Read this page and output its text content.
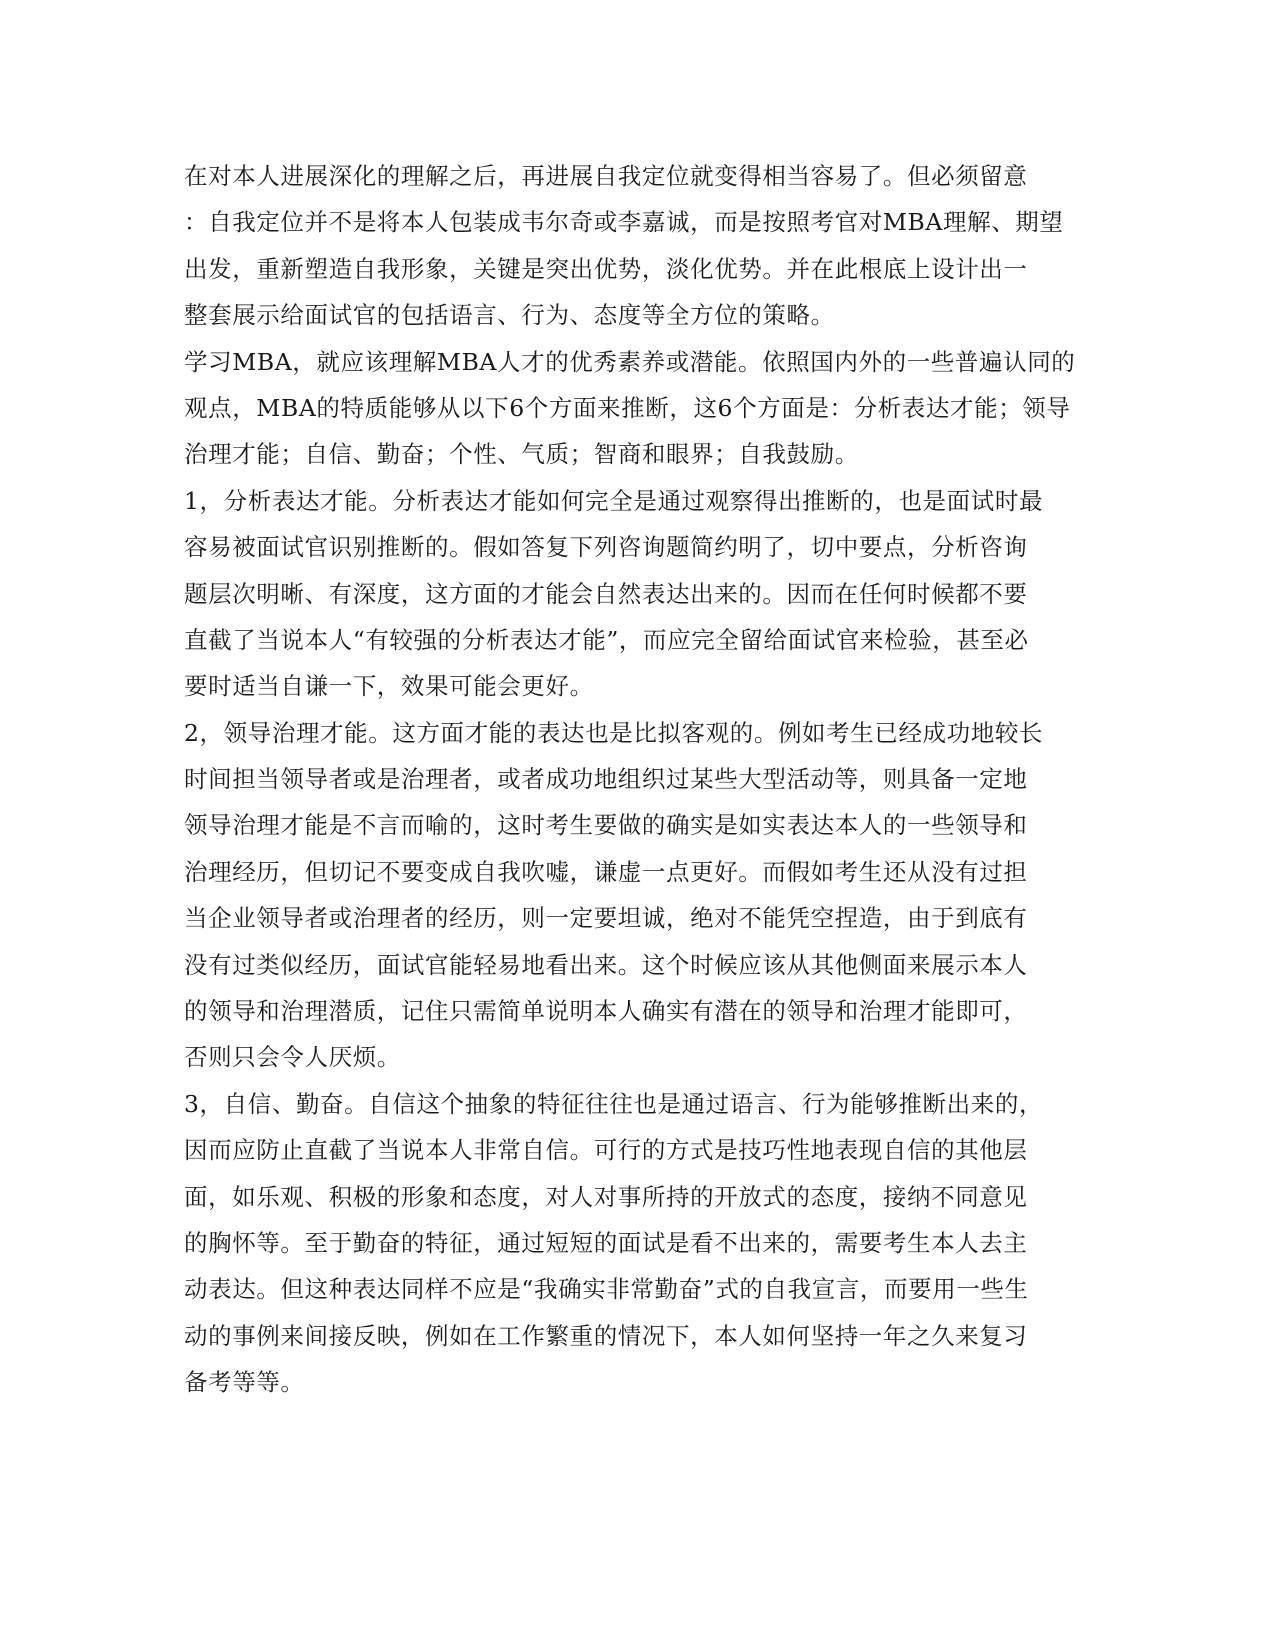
在对本人进展深化的理解之后，再进展自我定位就变得相当容易了。但必须留意
：自我定位并不是将本人包装成韦尔奇或李嘉诚，而是按照考官对MBA理解、期望
出发，重新塑造自我形象，关键是突出优势，淡化优势。并在此根底上设计出一
整套展示给面试官的包括语言、行为、态度等全方位的策略。
学习MBA，就应该理解MBA人才的优秀素养或潜能。依照国内外的一些普遍认同的
观点，MBA的特质能够从以下6个方面来推断，这6个方面是：分析表达才能；领导
治理才能；自信、勤奋；个性、气质；智商和眼界；自我鼓励。
1，分析表达才能。分析表达才能如何完全是通过观察得出推断的，也是面试时最
容易被面试官识别推断的。假如答复下列咨询题简约明了，切中要点，分析咨询
题层次明晰、有深度，这方面的才能会自然表达出来的。因而在任何时候都不要
直截了当说本人“有较强的分析表达才能”，而应完全留给面试官来检验，甚至必
要时适当自谦一下，效果可能会更好。
2，领导治理才能。这方面才能的表达也是比拟客观的。例如考生已经成功地较长
时间担当领导者或是治理者，或者成功地组织过某些大型活动等，则具备一定地
领导治理才能是不言而喻的，这时考生要做的确实是如实表达本人的一些领导和
治理经历，但切记不要变成自我吹嘘，谦虚一点更好。而假如考生还从没有过担
当企业领导者或治理者的经历，则一定要坦诚，绝对不能凭空捏造，由于到底有
没有过类似经历，面试官能轻易地看出来。这个时候应该从其他侧面来展示本人
的领导和治理潜质，记住只需简单说明本人确实有潜在的领导和治理才能即可，
否则只会令人厌烦。
3，自信、勤奋。自信这个抽象的特征往往也是通过语言、行为能够推断出来的，
因而应防止直截了当说本人非常自信。可行的方式是技巧性地表现自信的其他层
面，如乐观、积极的形象和态度，对人对事所持的开放式的态度，接纳不同意见
的胸怀等。至于勤奋的特征，通过短短的面试是看不出来的，需要考生本人去主
动表达。但这种表达同样不应是“我确实非常勤奋”式的自我宣言，而要用一些生
动的事例来间接反映，例如在工作繁重的情况下，本人如何坚持一年之久来复习
备考等等。
